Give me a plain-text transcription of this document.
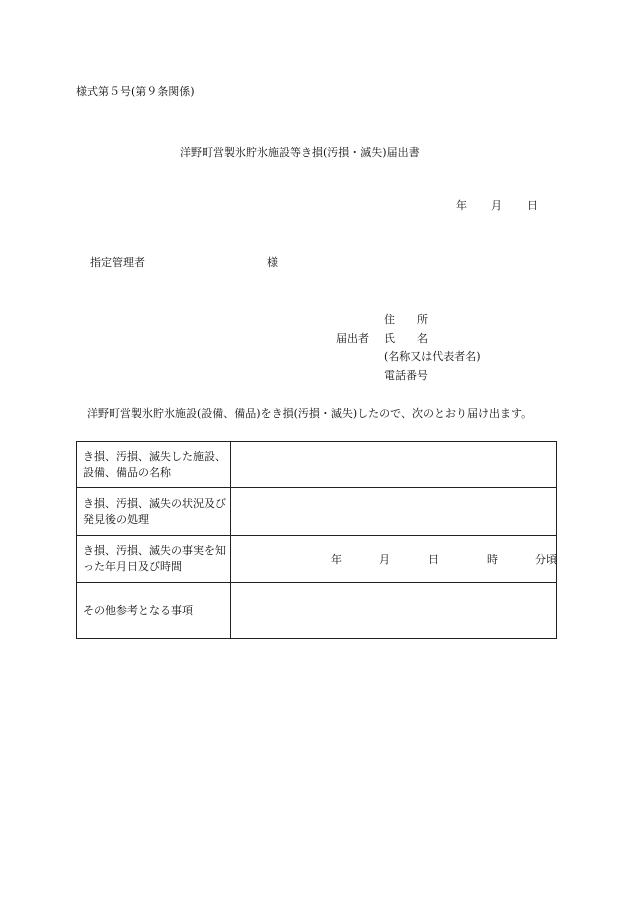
様式第５号(第９条関係)
洋野町営製氷貯氷施設等き損(汚損・滅失)届出書
年 月 日
指定管理者	様
届出者
住　　所
氏　　名
(名称又は代表者名)
電話番号
　洋野町営製氷貯氷施設(設備、備品)をき損(汚損・滅失)したので、次のとおり届け出ます。
き損、汚損、滅失した施設、設備、備品の名称	
き損、汚損、滅失の状況及び発見後の処理	
き損、汚損、滅失の事実を知った年月日及び時間	年 月 日 時 分頃

その他参考となる事項	
